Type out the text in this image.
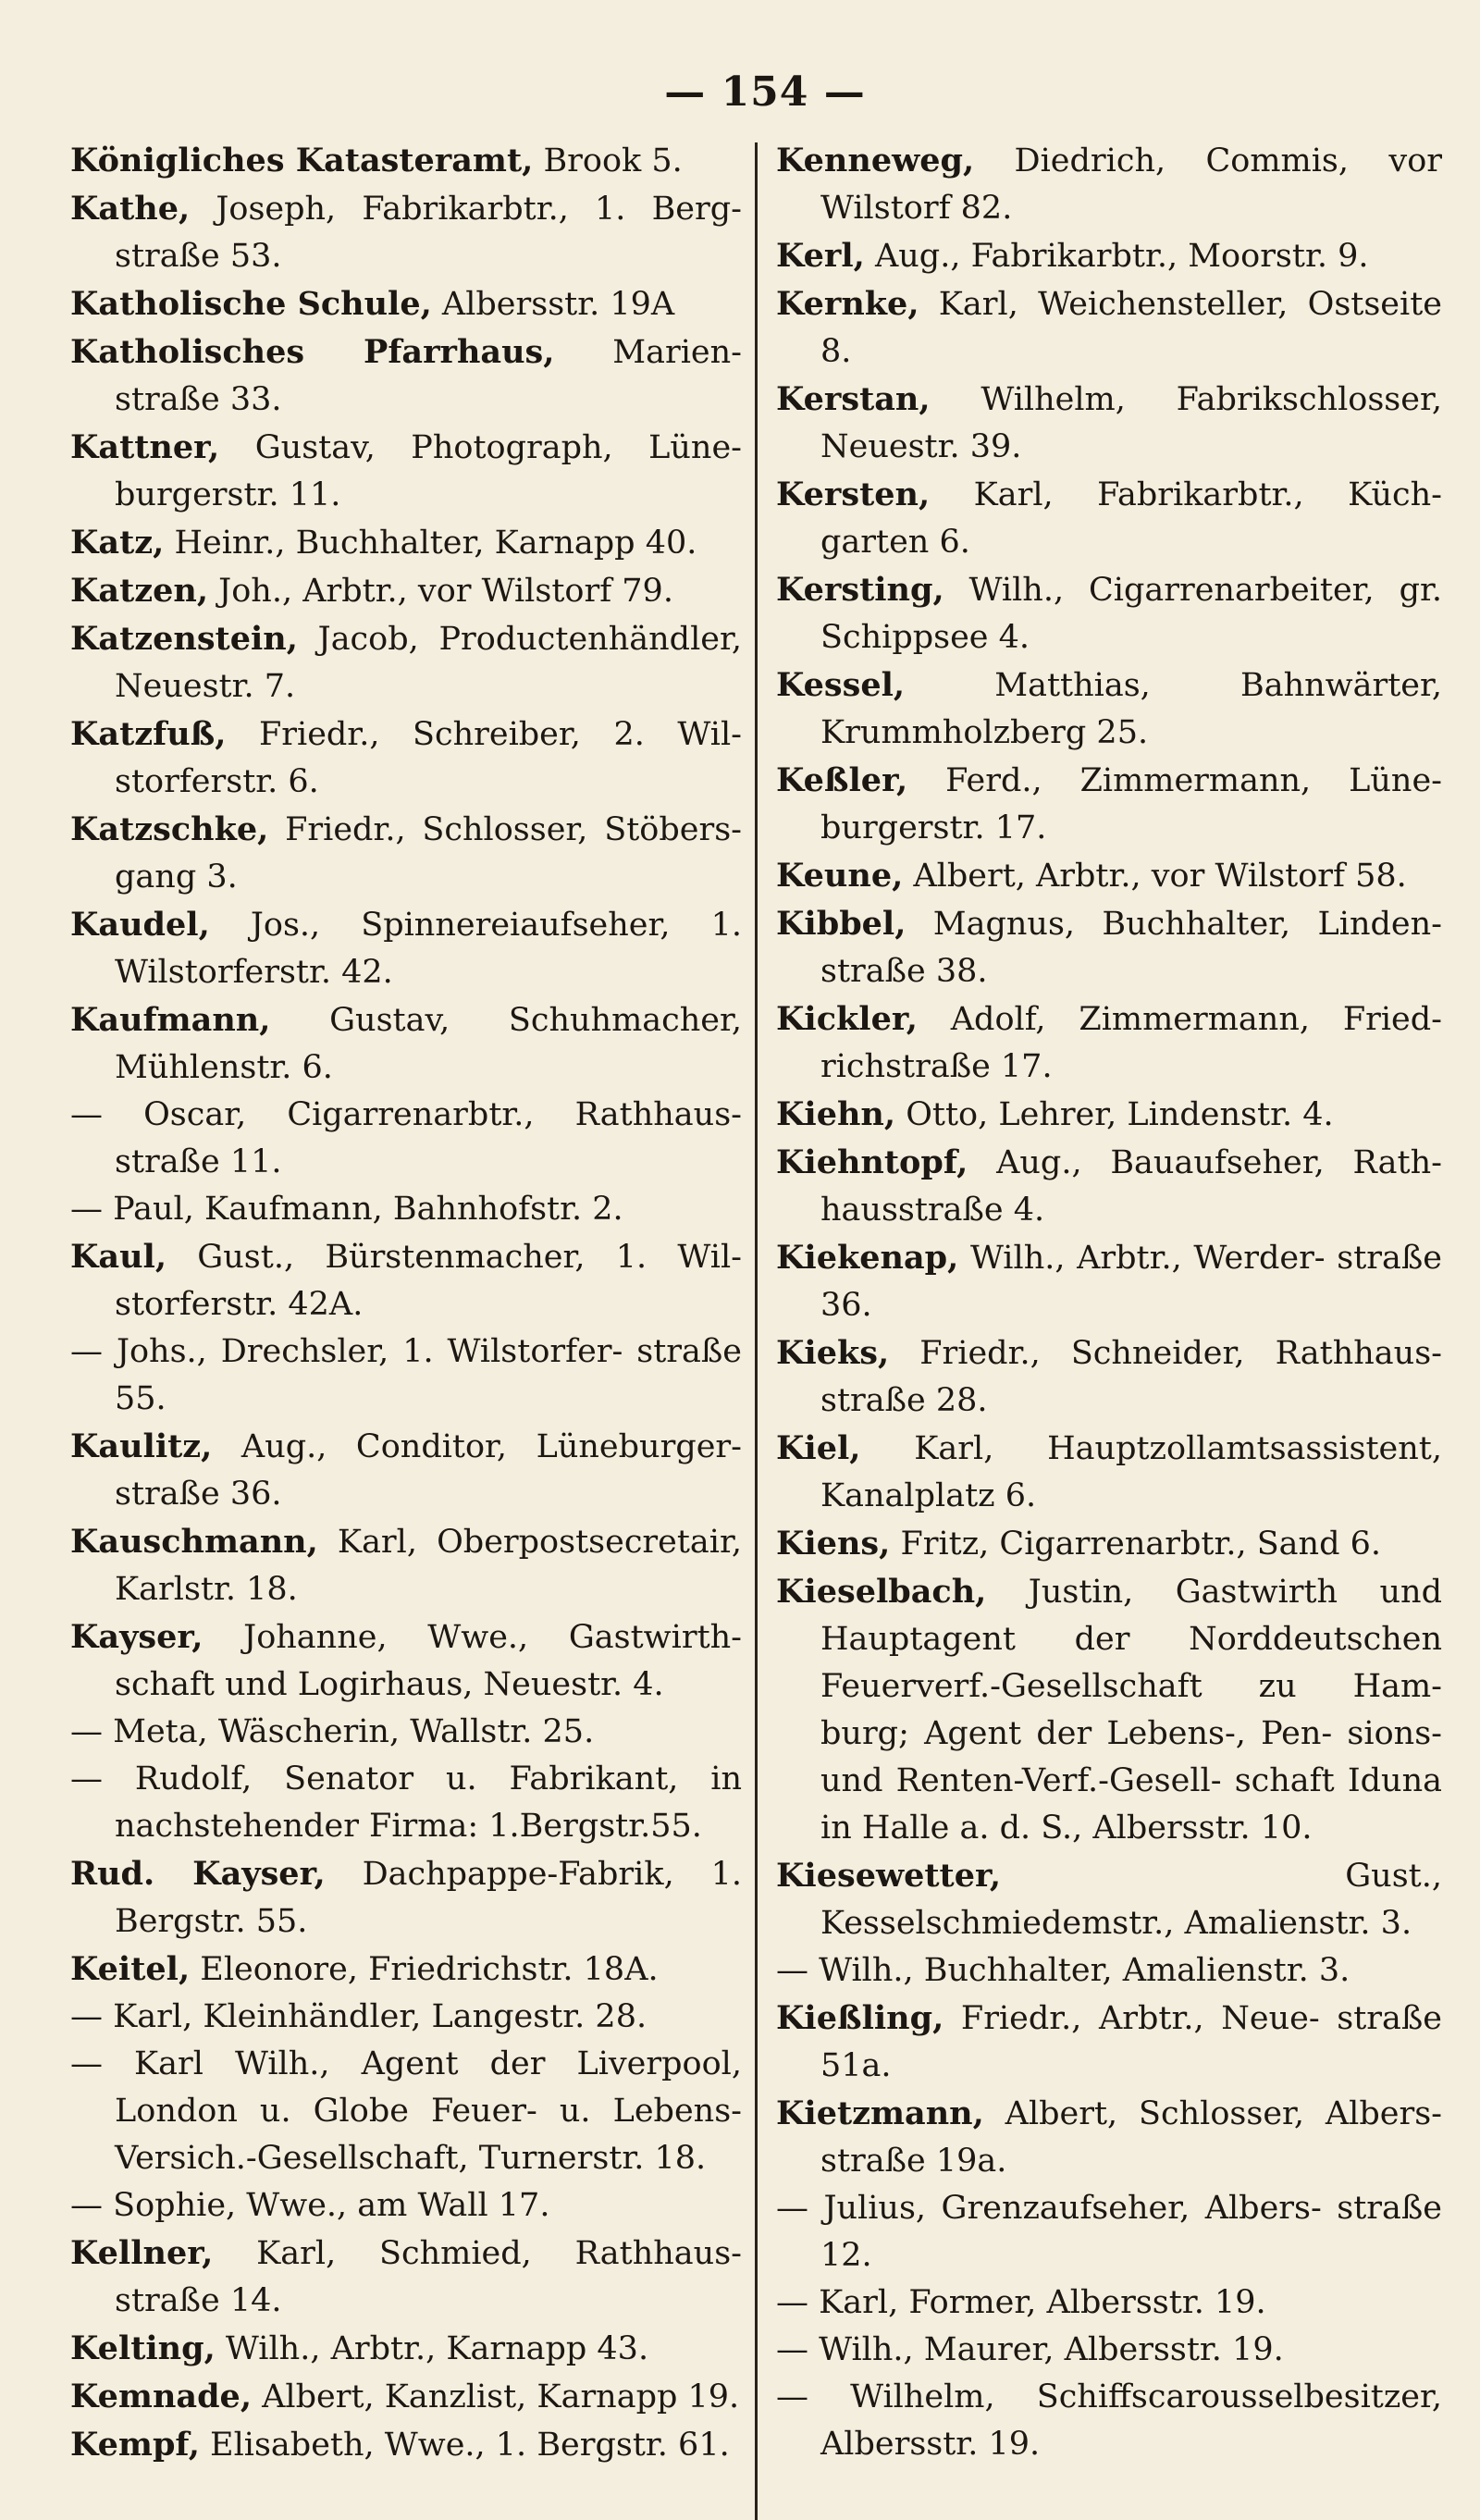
— 154 —
Königliches Katasteramt, Brook 5.
Kathe, Joseph, Fabrikarbtr., 1. Berg- straße 53.
Katholische Schule, Albersstr. 19A
Katholisches Pfarrhaus, Marien- straße 33.
Kattner, Gustav, Photograph, Lüne- burgerstr. 11.
Katz, Heinr., Buchhalter, Karnapp 40.
Katzen, Joh., Arbtr., vor Wilstorf 79.
Katzenstein, Jacob, Productenhändler, Neuestr. 7.
Katzfuß, Friedr., Schreiber, 2. Wil- storferstr. 6.
Katzschke, Friedr., Schlosser, Stöbers- gang 3.
Kaudel, Jos., Spinnereiaufseher, 1. Wilstorferstr. 42.
Kaufmann, Gustav, Schuhmacher, Mühlenstr. 6.
— Oscar, Cigarrenarbtr., Rathhaus- straße 11.
— Paul, Kaufmann, Bahnhofstr. 2.
Kaul, Gust., Bürstenmacher, 1. Wil- storferstr. 42A.
— Johs., Drechsler, 1. Wilstorfer- straße 55.
Kaulitz, Aug., Conditor, Lüneburger- straße 36.
Kauschmann, Karl, Oberpostsecretair, Karlstr. 18.
Kayser, Johanne, Wwe., Gastwirth- schaft und Logirhaus, Neuestr. 4.
— Meta, Wäscherin, Wallstr. 25.
— Rudolf, Senator u. Fabrikant, in nachstehender Firma: 1.Bergstr.55.
Rud. Kayser, Dachpappe-Fabrik, 1. Bergstr. 55.
Keitel, Eleonore, Friedrichstr. 18A.
— Karl, Kleinhändler, Langestr. 28.
— Karl Wilh., Agent der Liverpool, London u. Globe Feuer- u. Lebens- Versich.-Gesellschaft, Turnerstr. 18.
— Sophie, Wwe., am Wall 17.
Kellner, Karl, Schmied, Rathhaus- straße 14.
Kelting, Wilh., Arbtr., Karnapp 43.
Kemnade, Albert, Kanzlist, Karnapp 19.
Kempf, Elisabeth, Wwe., 1. Bergstr. 61.
Kenneweg, Diedrich, Commis, vor Wilstorf 82.
Kerl, Aug., Fabrikarbtr., Moorstr. 9.
Kernke, Karl, Weichensteller, Ostseite 8.
Kerstan, Wilhelm, Fabrikschlosser, Neuestr. 39.
Kersten, Karl, Fabrikarbtr., Küch- garten 6.
Kersting, Wilh., Cigarrenarbeiter, gr. Schippsee 4.
Kessel, Matthias, Bahnwärter, Krummholzberg 25.
Keßler, Ferd., Zimmermann, Lüne- burgerstr. 17.
Keune, Albert, Arbtr., vor Wilstorf 58.
Kibbel, Magnus, Buchhalter, Linden- straße 38.
Kickler, Adolf, Zimmermann, Fried- richstraße 17.
Kiehn, Otto, Lehrer, Lindenstr. 4.
Kiehntopf, Aug., Bauaufseher, Rath- hausstraße 4.
Kiekenap, Wilh., Arbtr., Werder- straße 36.
Kieks, Friedr., Schneider, Rathhaus- straße 28.
Kiel, Karl, Hauptzollamtsassistent, Kanalplatz 6.
Kiens, Fritz, Cigarrenarbtr., Sand 6.
Kieselbach, Justin, Gastwirth und Hauptagent der Norddeutschen Feuerverf.-Gesellschaft zu Ham- burg; Agent der Lebens-, Pen- sions- und Renten-Verf.-Gesell- schaft Iduna in Halle a. d. S., Albersstr. 10.
Kiesewetter, Gust., Kesselschmiedemstr., Amalienstr. 3.
— Wilh., Buchhalter, Amalienstr. 3.
Kießling, Friedr., Arbtr., Neue- straße 51a.
Kietzmann, Albert, Schlosser, Albers- straße 19a.
— Julius, Grenzaufseher, Albers- straße 12.
— Karl, Former, Albersstr. 19.
— Wilh., Maurer, Albersstr. 19.
— Wilhelm, Schiffscarousselbesitzer, Albersstr. 19.
